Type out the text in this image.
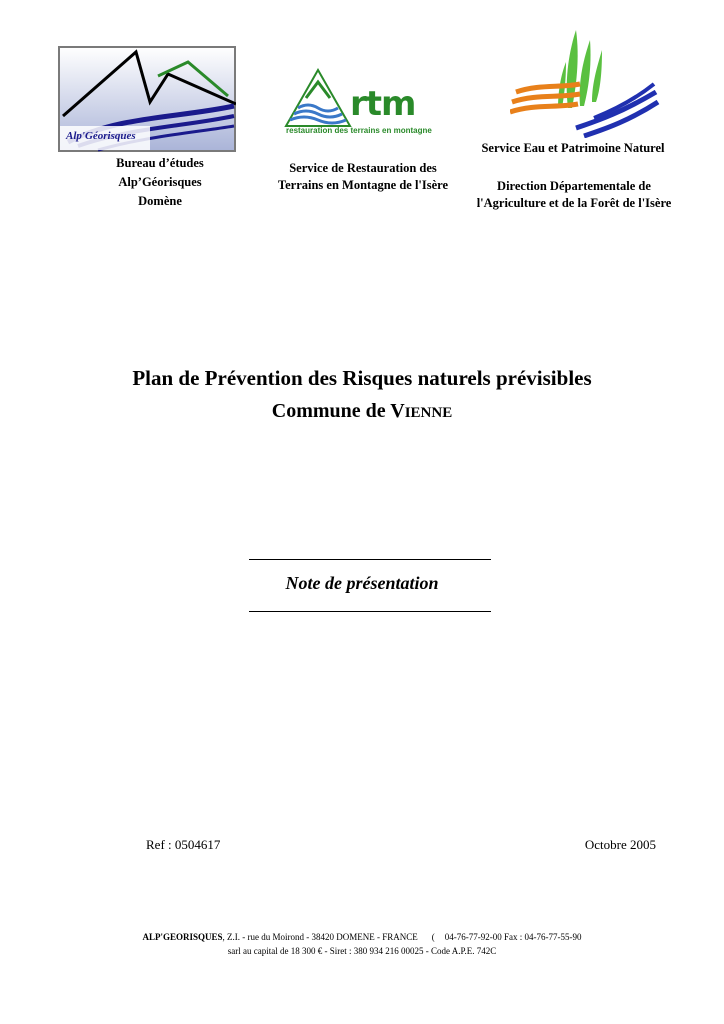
Alp'Géorisques
Bureau d’études
Alp’Géorisques
Domène
rtm
restauration des terrains en montagne
Service de Restauration des
Terrains en Montagne de l'Isère
Service Eau et Patrimoine Naturel
Direction Départementale de
l'Agriculture et de la Forêt de l'Isère
Plan de Prévention des Risques naturels prévisibles
Commune de VIENNE
Note de présentation
Ref : 0504617	Octobre 2005
ALP'GEORISQUES, Z.I. - rue du Moirond - 38420 DOMENE - FRANCE ( 04-76-77-92-00 Fax : 04-76-77-55-90
sarl au capital de 18 300 € - Siret : 380 934 216 00025 - Code A.P.E. 742C
